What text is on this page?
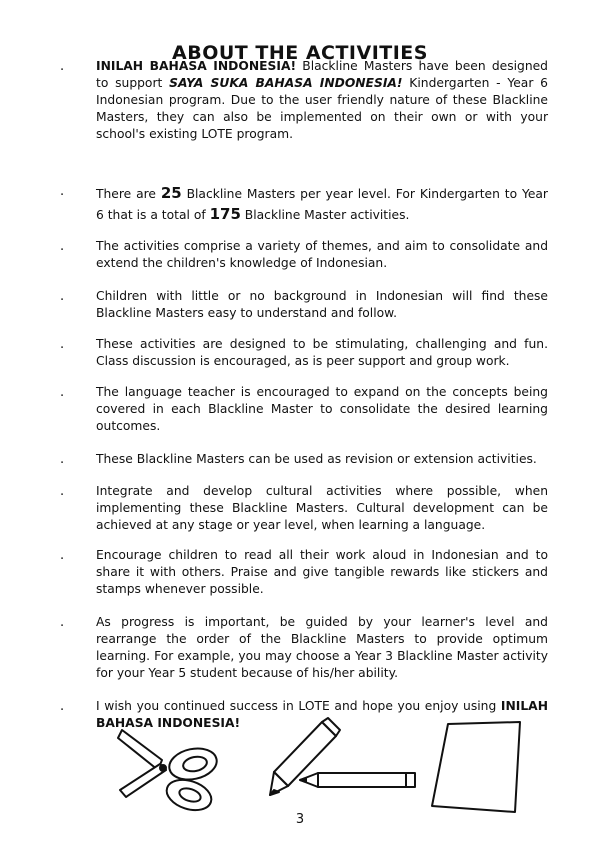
ABOUT THE ACTIVITIES
.	INILAH BAHASA INDONESIA! Blackline Masters have been designed to support SAYA SUKA BAHASA INDONESIA! Kindergarten - Year 6 Indonesian program. Due to the user friendly nature of these Blackline Masters, they can also be implemented on their own or with your school's existing LOTE program.

.	There are 25 Blackline Masters per year level. For Kindergarten to Year 6 that is a total of 175 Blackline Master activities.

.	The activities comprise a variety of themes, and aim to consolidate and extend the children's knowledge of Indonesian.

.	Children with little or no background in Indonesian will find these Blackline Masters easy to understand and follow.

.	These activities are designed to be stimulating, challenging and fun. Class discussion is encouraged, as is peer support and group work.

.	The language teacher is encouraged to expand on the concepts being covered in each Blackline Master to consolidate the desired learning outcomes.

.	These Blackline Masters can be used as revision or extension activities.

.	Integrate and develop cultural activities where possible, when implementing these Blackline Masters. Cultural development can be achieved at any stage or year level, when learning a language.

.	Encourage children to read all their work aloud in Indonesian and to share it with others. Praise and give tangible rewards like stickers and stamps whenever possible.

.	As progress is important, be guided by your learner's level and rearrange the order of the Blackline Masters to provide optimum learning. For example, you may choose a Year 3 Blackline Master activity for your Year 5 student because of his/her ability.

.	I wish you continued success in LOTE and hope you enjoy using INILAH BAHASA INDONESIA!

3
